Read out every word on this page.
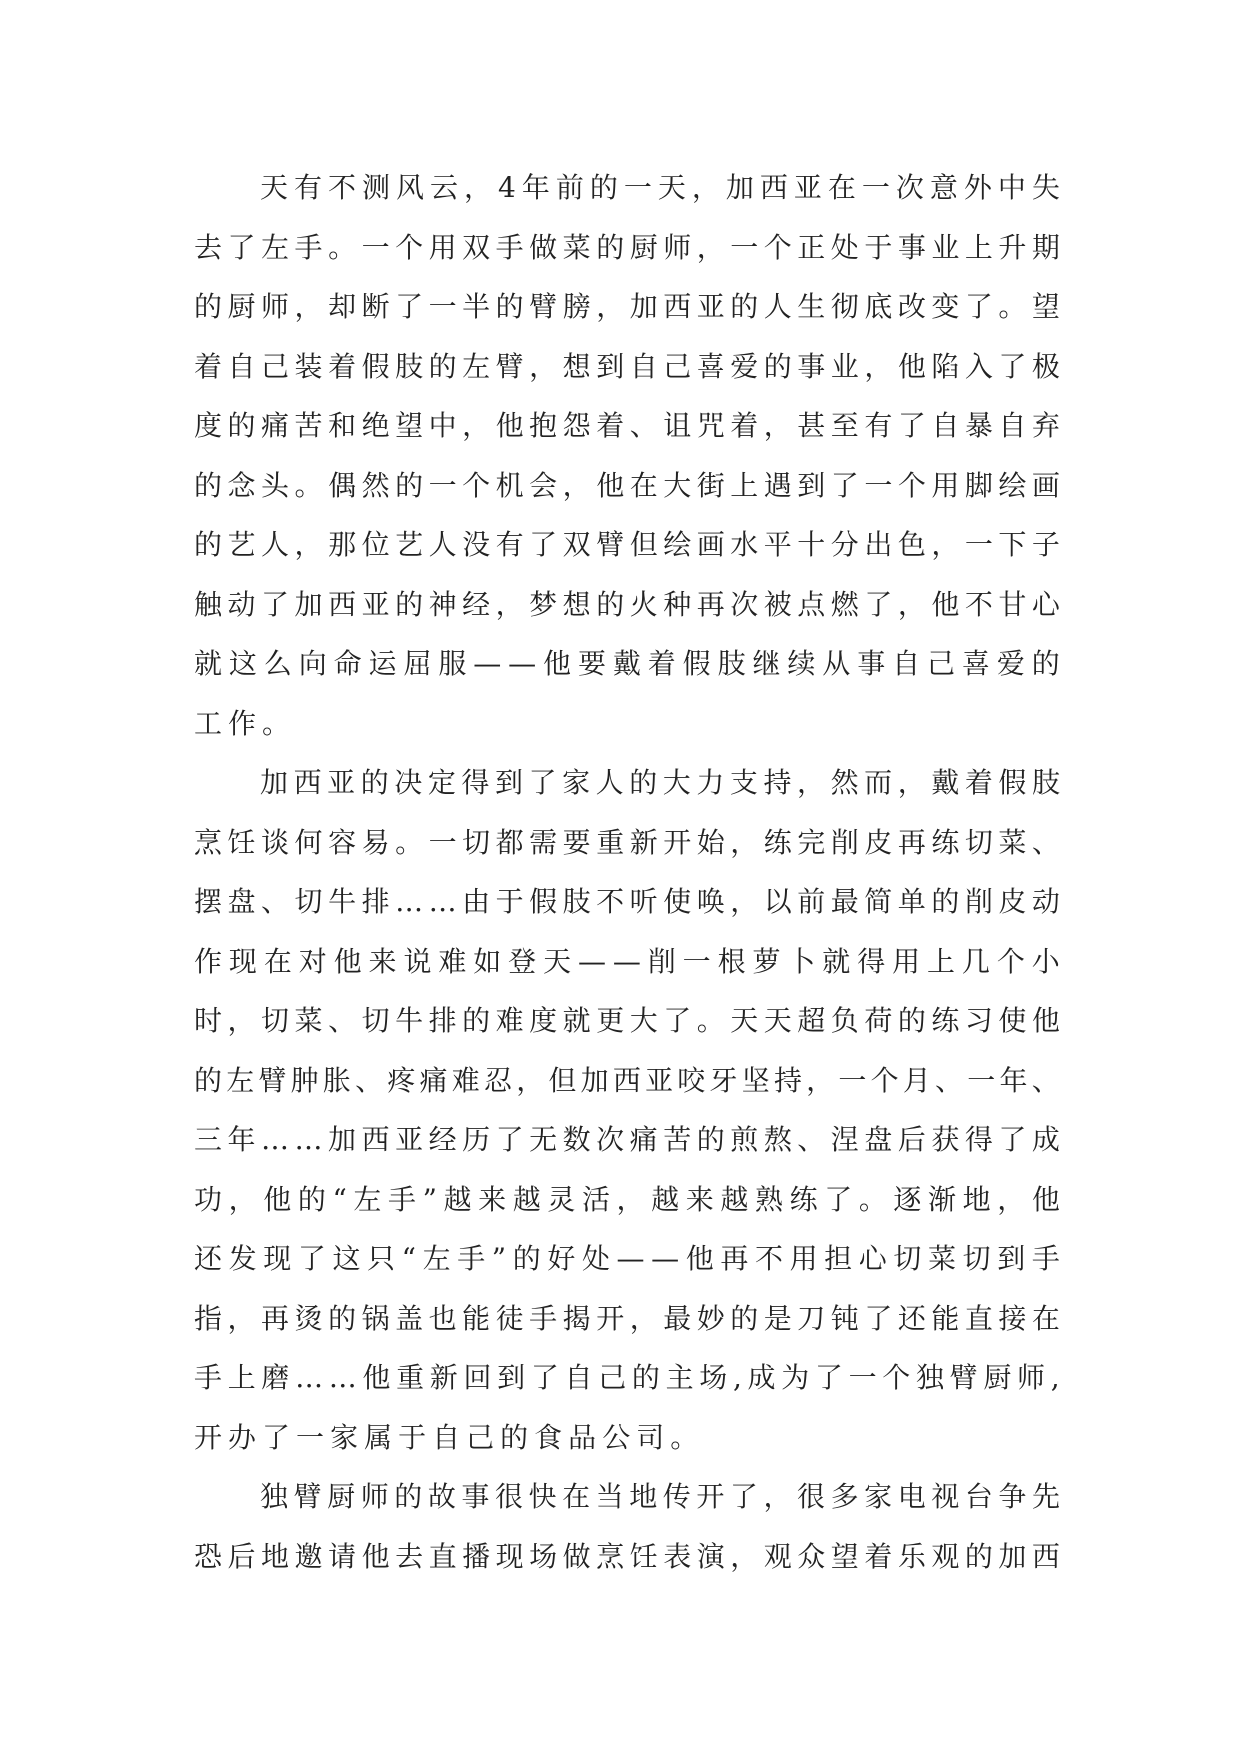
天 有 不 测 风 云 ， 4 年 前 的 一 天 ， 加 西 亚 在 一 次 意 外 中 失
去 了 左 手 。 一 个 用 双 手 做 菜 的 厨 师 ， 一 个 正 处 于 事 业 上 升 期
的 厨 师 ， 却 断 了 一 半 的 臂 膀 ， 加 西 亚 的 人 生 彻 底 改 变 了 。 望
着 自 己 装 着 假 肢 的 左 臂 ， 想 到 自 己 喜 爱 的 事 业 ， 他 陷 入 了 极
度 的 痛 苦 和 绝 望 中 ， 他 抱 怨 着 、 诅 咒 着 ， 甚 至 有 了 自 暴 自 弃
的 念 头 。 偶 然 的 一 个 机 会 ， 他 在 大 街 上 遇 到 了 一 个 用 脚 绘 画
的 艺 人 ， 那 位 艺 人 没 有 了 双 臂 但 绘 画 水 平 十 分 出 色 ， 一 下 子
触 动 了 加 西 亚 的 神 经 ， 梦 想 的 火 种 再 次 被 点 燃 了 ， 他 不 甘 心
就 这 么 向 命 运 屈 服 — — 他 要 戴 着 假 肢 继 续 从 事 自 己 喜 爱 的
工 作 。
加 西 亚 的 决 定 得 到 了 家 人 的 大 力 支 持 ， 然 而 ， 戴 着 假 肢
烹 饪 谈 何 容 易 。 一 切 都 需 要 重 新 开 始 ， 练 完 削 皮 再 练 切 菜 、
摆 盘 、 切 牛 排 … … 由 于 假 肢 不 听 使 唤 ， 以 前 最 简 单 的 削 皮 动
作 现 在 对 他 来 说 难 如 登 天 — — 削 一 根 萝 卜 就 得 用 上 几 个 小
时 ， 切 菜 、 切 牛 排 的 难 度 就 更 大 了 。 天 天 超 负 荷 的 练 习 使 他
的 左 臂 肿 胀 、 疼 痛 难 忍 ， 但 加 西 亚 咬 牙 坚 持 ， 一 个 月 、 一 年 、
三 年 … … 加 西 亚 经 历 了 无 数 次 痛 苦 的 煎 熬 、 涅 盘 后 获 得 了 成
功 ， 他 的 “ 左 手 ” 越 来 越 灵 活 ， 越 来 越 熟 练 了 。 逐 渐 地 ， 他
还 发 现 了 这 只 “ 左 手 ” 的 好 处 — — 他 再 不 用 担 心 切 菜 切 到 手
指 ， 再 烫 的 锅 盖 也 能 徒 手 揭 开 ， 最 妙 的 是 刀 钝 了 还 能 直 接 在
手 上 磨 … … 他 重 新 回 到 了 自 己 的 主 场 , 成 为 了 一 个 独 臂 厨 师 ,
开 办 了 一 家 属 于 自 己 的 食 品 公 司 。
独 臂 厨 师 的 故 事 很 快 在 当 地 传 开 了 ， 很 多 家 电 视 台 争 先
恐 后 地 邀 请 他 去 直 播 现 场 做 烹 饪 表 演 ， 观 众 望 着 乐 观 的 加 西
